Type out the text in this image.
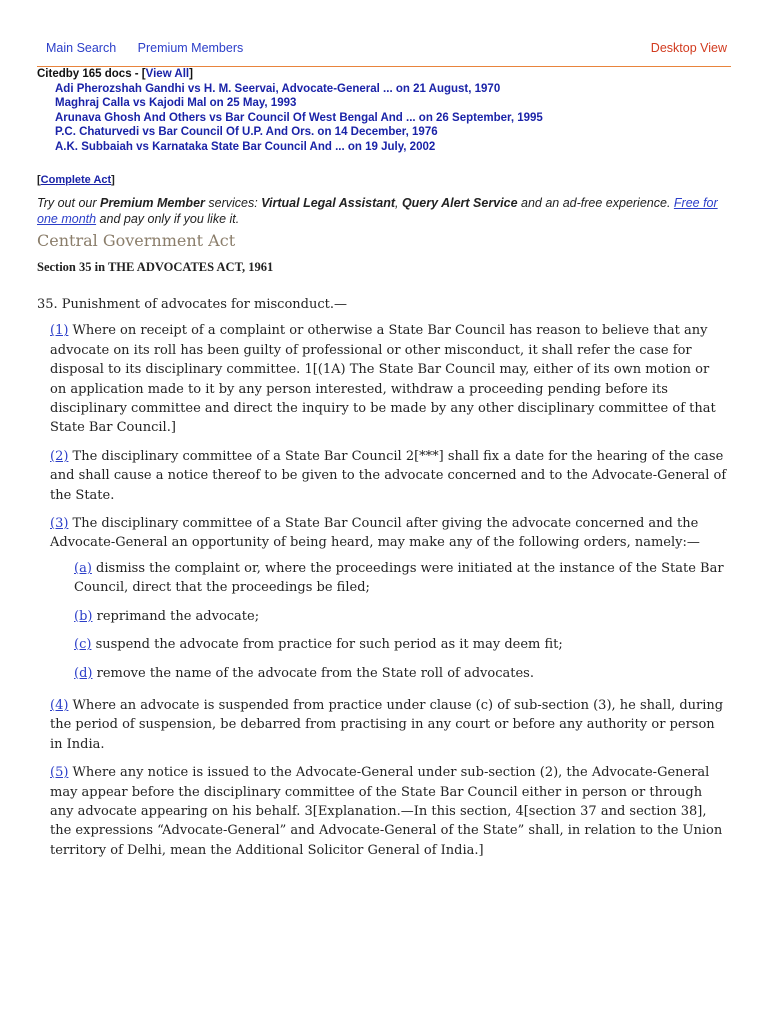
Main Search Premium Members	Desktop View
Citedby 165 docs - [View All]
Adi Pherozshah Gandhi vs H. M. Seervai, Advocate-General ... on 21 August, 1970
Maghraj Calla vs Kajodi Mal on 25 May, 1993
Arunava Ghosh And Others vs Bar Council Of West Bengal And ... on 26 September, 1995
P.C. Chaturvedi vs Bar Council Of U.P. And Ors. on 14 December, 1976
A.K. Subbaiah vs Karnataka State Bar Council And ... on 19 July, 2002
[Complete Act]
Try out our Premium Member services: Virtual Legal Assistant, Query Alert Service and an ad-free experience. Free for one month and pay only if you like it.
Central Government Act
Section 35 in THE ADVOCATES ACT, 1961

35. Punishment of advocates for misconduct.—

(1) Where on receipt of a complaint or otherwise a State Bar Council has reason to believe that any advocate on its roll has been guilty of professional or other misconduct, it shall refer the case for disposal to its disciplinary committee. 1[(1A) The State Bar Council may, either of its own motion or on application made to it by any person interested, withdraw a proceeding pending before its disciplinary committee and direct the inquiry to be made by any other disciplinary committee of that State Bar Council.]

(2) The disciplinary committee of a State Bar Council 2[***] shall fix a date for the hearing of the case and shall cause a notice thereof to be given to the advocate concerned and to the Advocate-General of the State.

(3) The disciplinary committee of a State Bar Council after giving the advocate concerned and the Advocate-General an opportunity of being heard, may make any of the following orders, namely:—

(a) dismiss the complaint or, where the proceedings were initiated at the instance of the State Bar Council, direct that the proceedings be filed;

(b) reprimand the advocate;

(c) suspend the advocate from practice for such period as it may deem fit;

(d) remove the name of the advocate from the State roll of advocates.

(4) Where an advocate is suspended from practice under clause (c) of sub-section (3), he shall, during the period of suspension, be debarred from practising in any court or before any authority or person in India.

(5) Where any notice is issued to the Advocate-General under sub-section (2), the Advocate-General may appear before the disciplinary committee of the State Bar Council either in person or through any advocate appearing on his behalf. 3[Explanation.—In this section, 4[section 37 and section 38], the expressions “Advocate-General” and Advocate-General of the State” shall, in relation to the Union territory of Delhi, mean the Additional Solicitor General of India.]
